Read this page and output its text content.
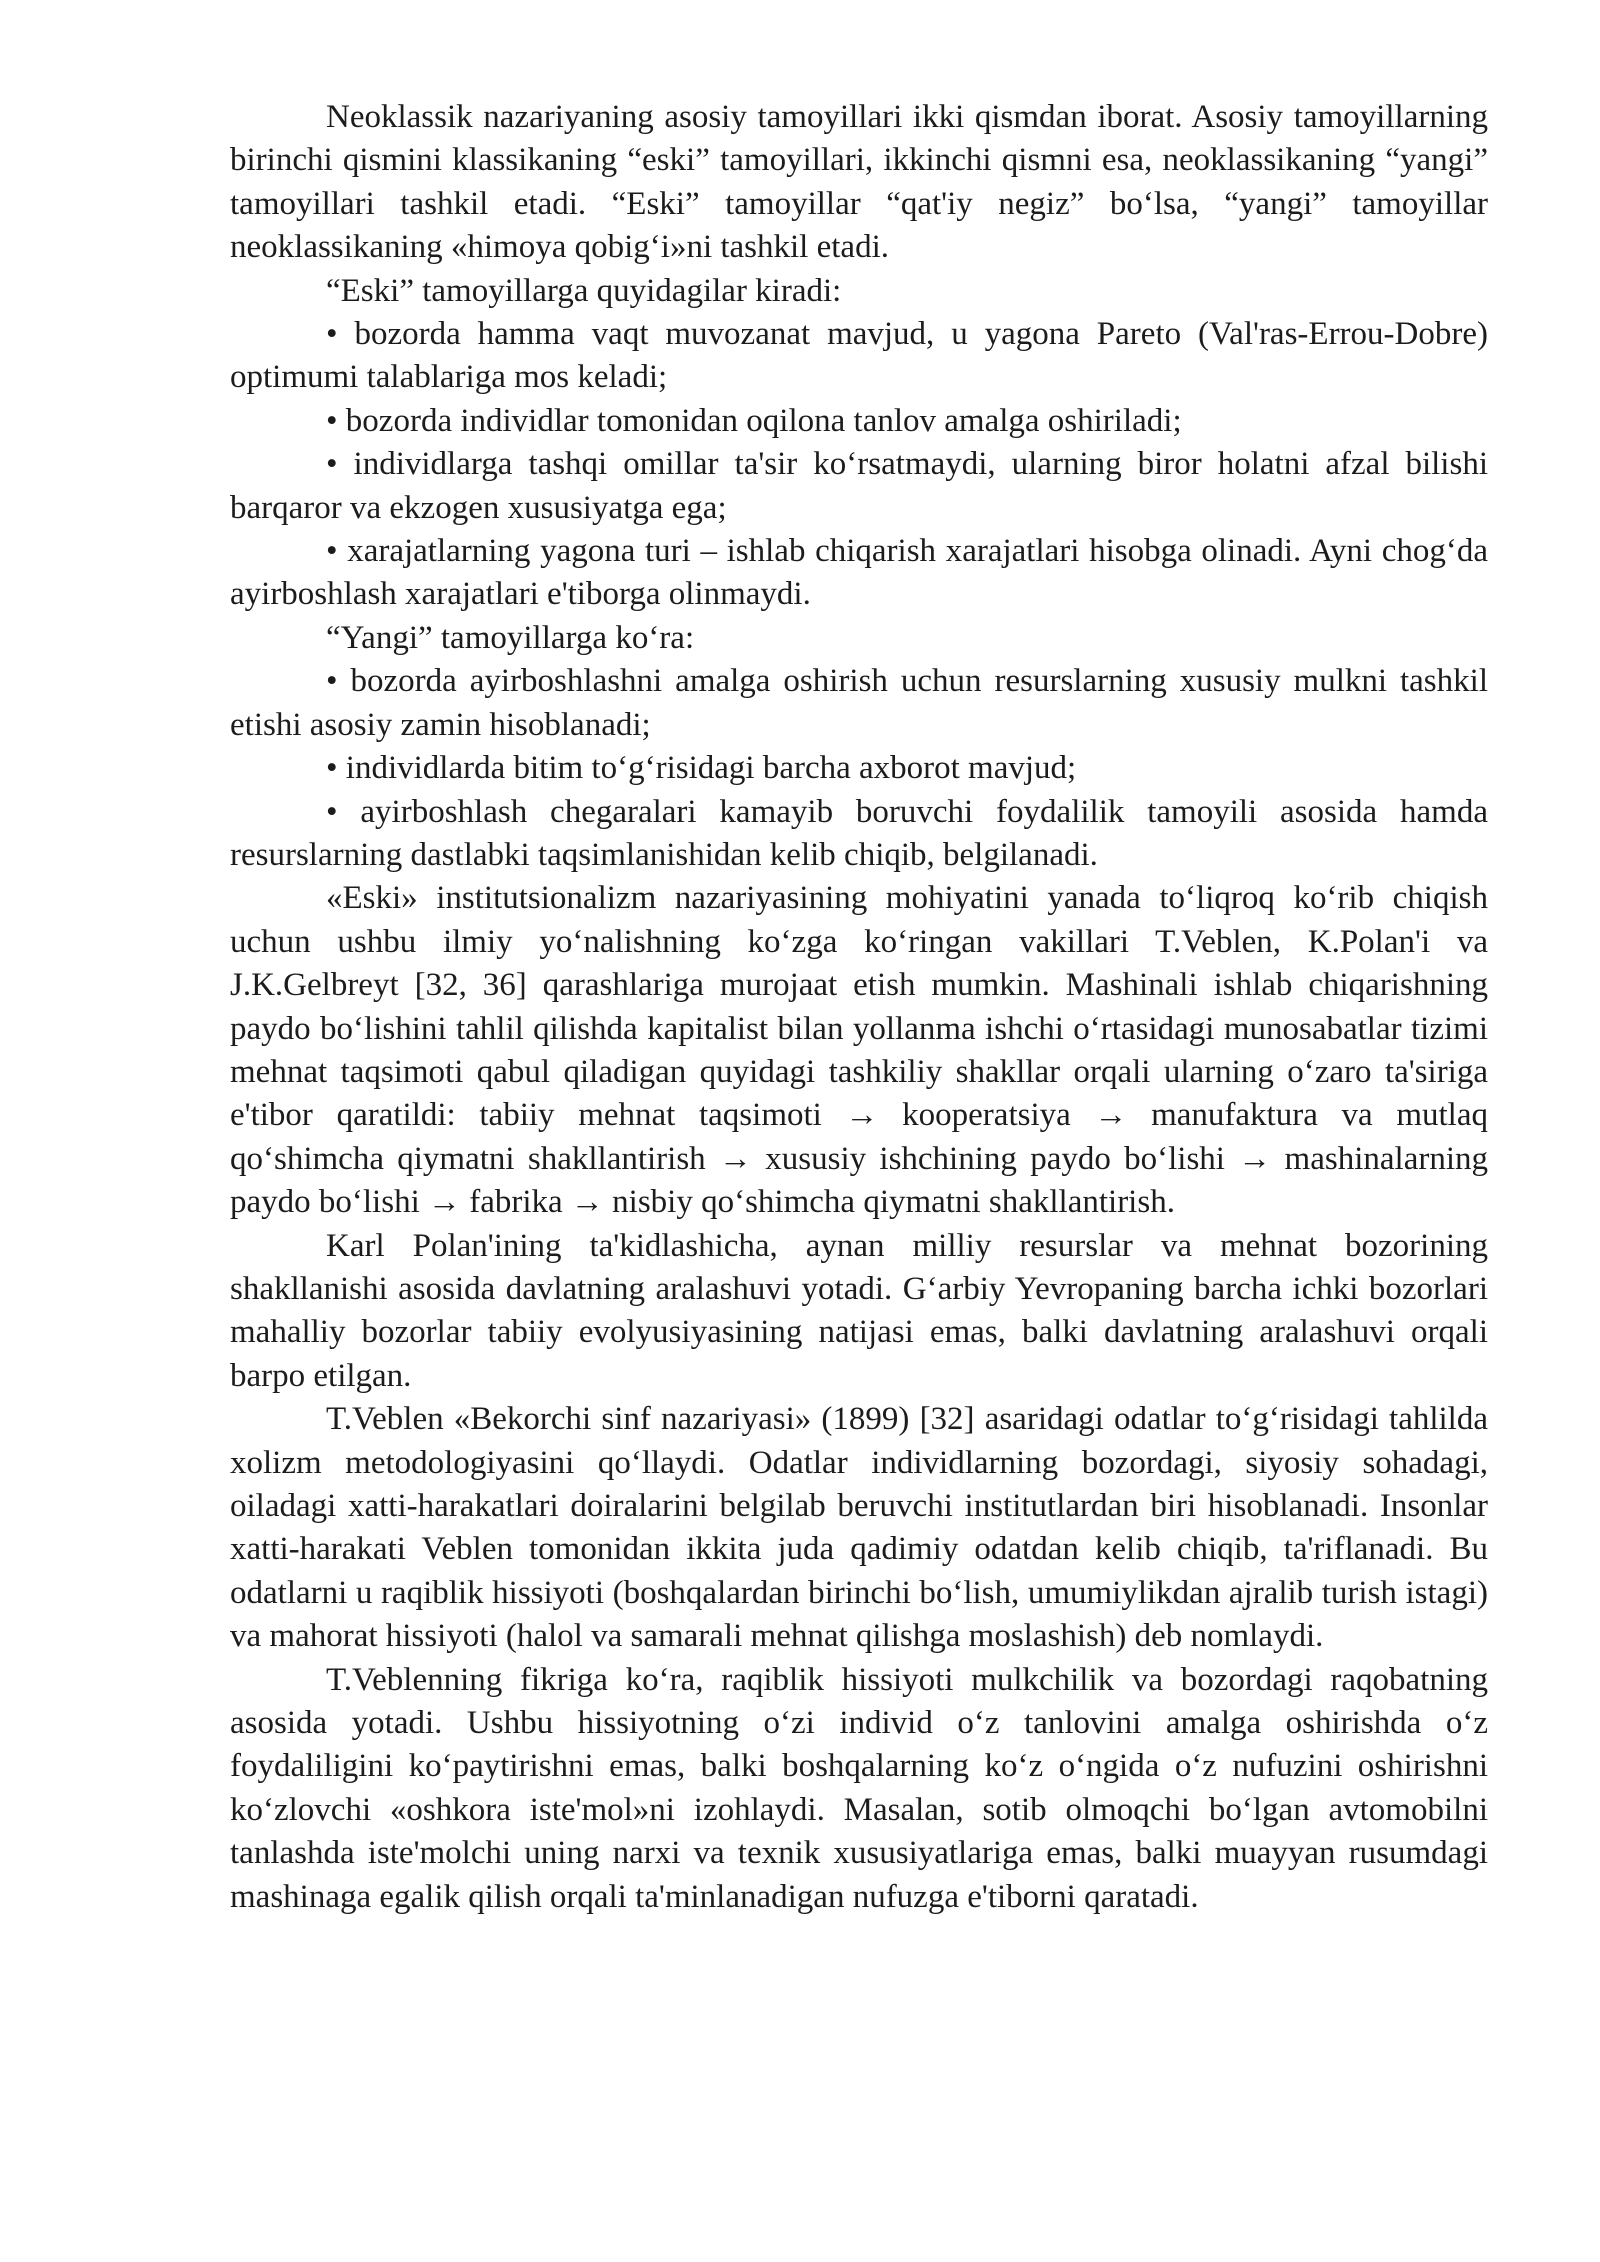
Neoklassik nazariyaning asosiy tamoyillari ikki qismdan iborat. Asosiy tamoyillarning birinchi qismini klassikaning “eski” tamoyillari, ikkinchi qismni esa, neoklassikaning “yangi” tamoyillari tashkil etadi. “Eski” tamoyillar “qat'iy negiz” bo‘lsa, “yangi” tamoyillar neoklassikaning «himoya qobig‘i»ni tashkil etadi.

“Eski” tamoyillarga quyidagilar kiradi:

• bozorda hamma vaqt muvozanat mavjud, u yagona Pareto (Val'ras-Errou-Dobre) optimumi talablariga mos keladi;

• bozorda individlar tomonidan oqilona tanlov amalga oshiriladi;

• individlarga tashqi omillar ta'sir ko‘rsatmaydi, ularning biror holatni afzal bilishi barqaror va ekzogen xususiyatga ega;

• xarajatlarning yagona turi – ishlab chiqarish xarajatlari hisobga olinadi. Ayni chog‘da ayirboshlash xarajatlari e'tiborga olinmaydi.

“Yangi” tamoyillarga ko‘ra:

• bozorda ayirboshlashni amalga oshirish uchun resurslarning xususiy mulkni tashkil etishi asosiy zamin hisoblanadi;

• individlarda bitim to‘g‘risidagi barcha axborot mavjud;

• ayirboshlash chegaralari kamayib boruvchi foydalilik tamoyili asosida hamda resurslarning dastlabki taqsimlanishidan kelib chiqib, belgilanadi.

«Eski» institutsionalizm nazariyasining mohiyatini yanada to‘liqroq ko‘rib chiqish uchun ushbu ilmiy yo‘nalishning ko‘zga ko‘ringan vakillari T.Veblen, K.Polan'i va J.K.Gelbreyt [32, 36] qarashlariga murojaat etish mumkin. Mashinali ishlab chiqarishning paydo bo‘lishini tahlil qilishda kapitalist bilan yollanma ishchi o‘rtasidagi munosabatlar tizimi mehnat taqsimoti qabul qiladigan quyidagi tashkiliy shakllar orqali ularning o‘zaro ta'siriga e'tibor qaratildi: tabiiy mehnat taqsimoti → kooperatsiya → manufaktura va mutlaq qo‘shimcha qiymatni shakllantirish → xususiy ishchining paydo bo‘lishi → mashinalarning paydo bo‘lishi → fabrika → nisbiy qo‘shimcha qiymatni shakllantirish.

Karl Polan'ining ta'kidlashicha, aynan milliy resurslar va mehnat bozorining shakllanishi asosida davlatning aralashuvi yotadi. G‘arbiy Yevropaning barcha ichki bozorlari mahalliy bozorlar tabiiy evolyusiyasining natijasi emas, balki davlatning aralashuvi orqali barpo etilgan.

T.Veblen «Bekorchi sinf nazariyasi» (1899) [32] asaridagi odatlar to‘g‘risidagi tahlilda xolizm metodologiyasini qo‘llaydi. Odatlar individlarning bozordagi, siyosiy sohadagi, oiladagi xatti-harakatlari doiralarini belgilab beruvchi institutlardan biri hisoblanadi. Insonlar xatti-harakati Veblen tomonidan ikkita juda qadimiy odatdan kelib chiqib, ta'riflanadi. Bu odatlarni u raqiblik hissiyoti (boshqalardan birinchi bo‘lish, umumiylikdan ajralib turish istagi) va mahorat hissiyoti (halol va samarali mehnat qilishga moslashish) deb nomlaydi.

T.Veblenning fikriga ko‘ra, raqiblik hissiyoti mulkchilik va bozordagi raqobatning asosida yotadi. Ushbu hissiyotning o‘zi individ o‘z tanlovini amalga oshirishda o‘z foydaliligini ko‘paytirishni emas, balki boshqalarning ko‘z o‘ngida o‘z nufuzini oshirishni ko‘zlovchi «oshkora iste'mol»ni izohlaydi. Masalan, sotib olmoqchi bo‘lgan avtomobilni tanlashda iste'molchi uning narxi va texnik xususiyatlariga emas, balki muayyan rusumdagi mashinaga egalik qilish orqali ta'minlanadigan nufuzga e'tiborni qaratadi.
